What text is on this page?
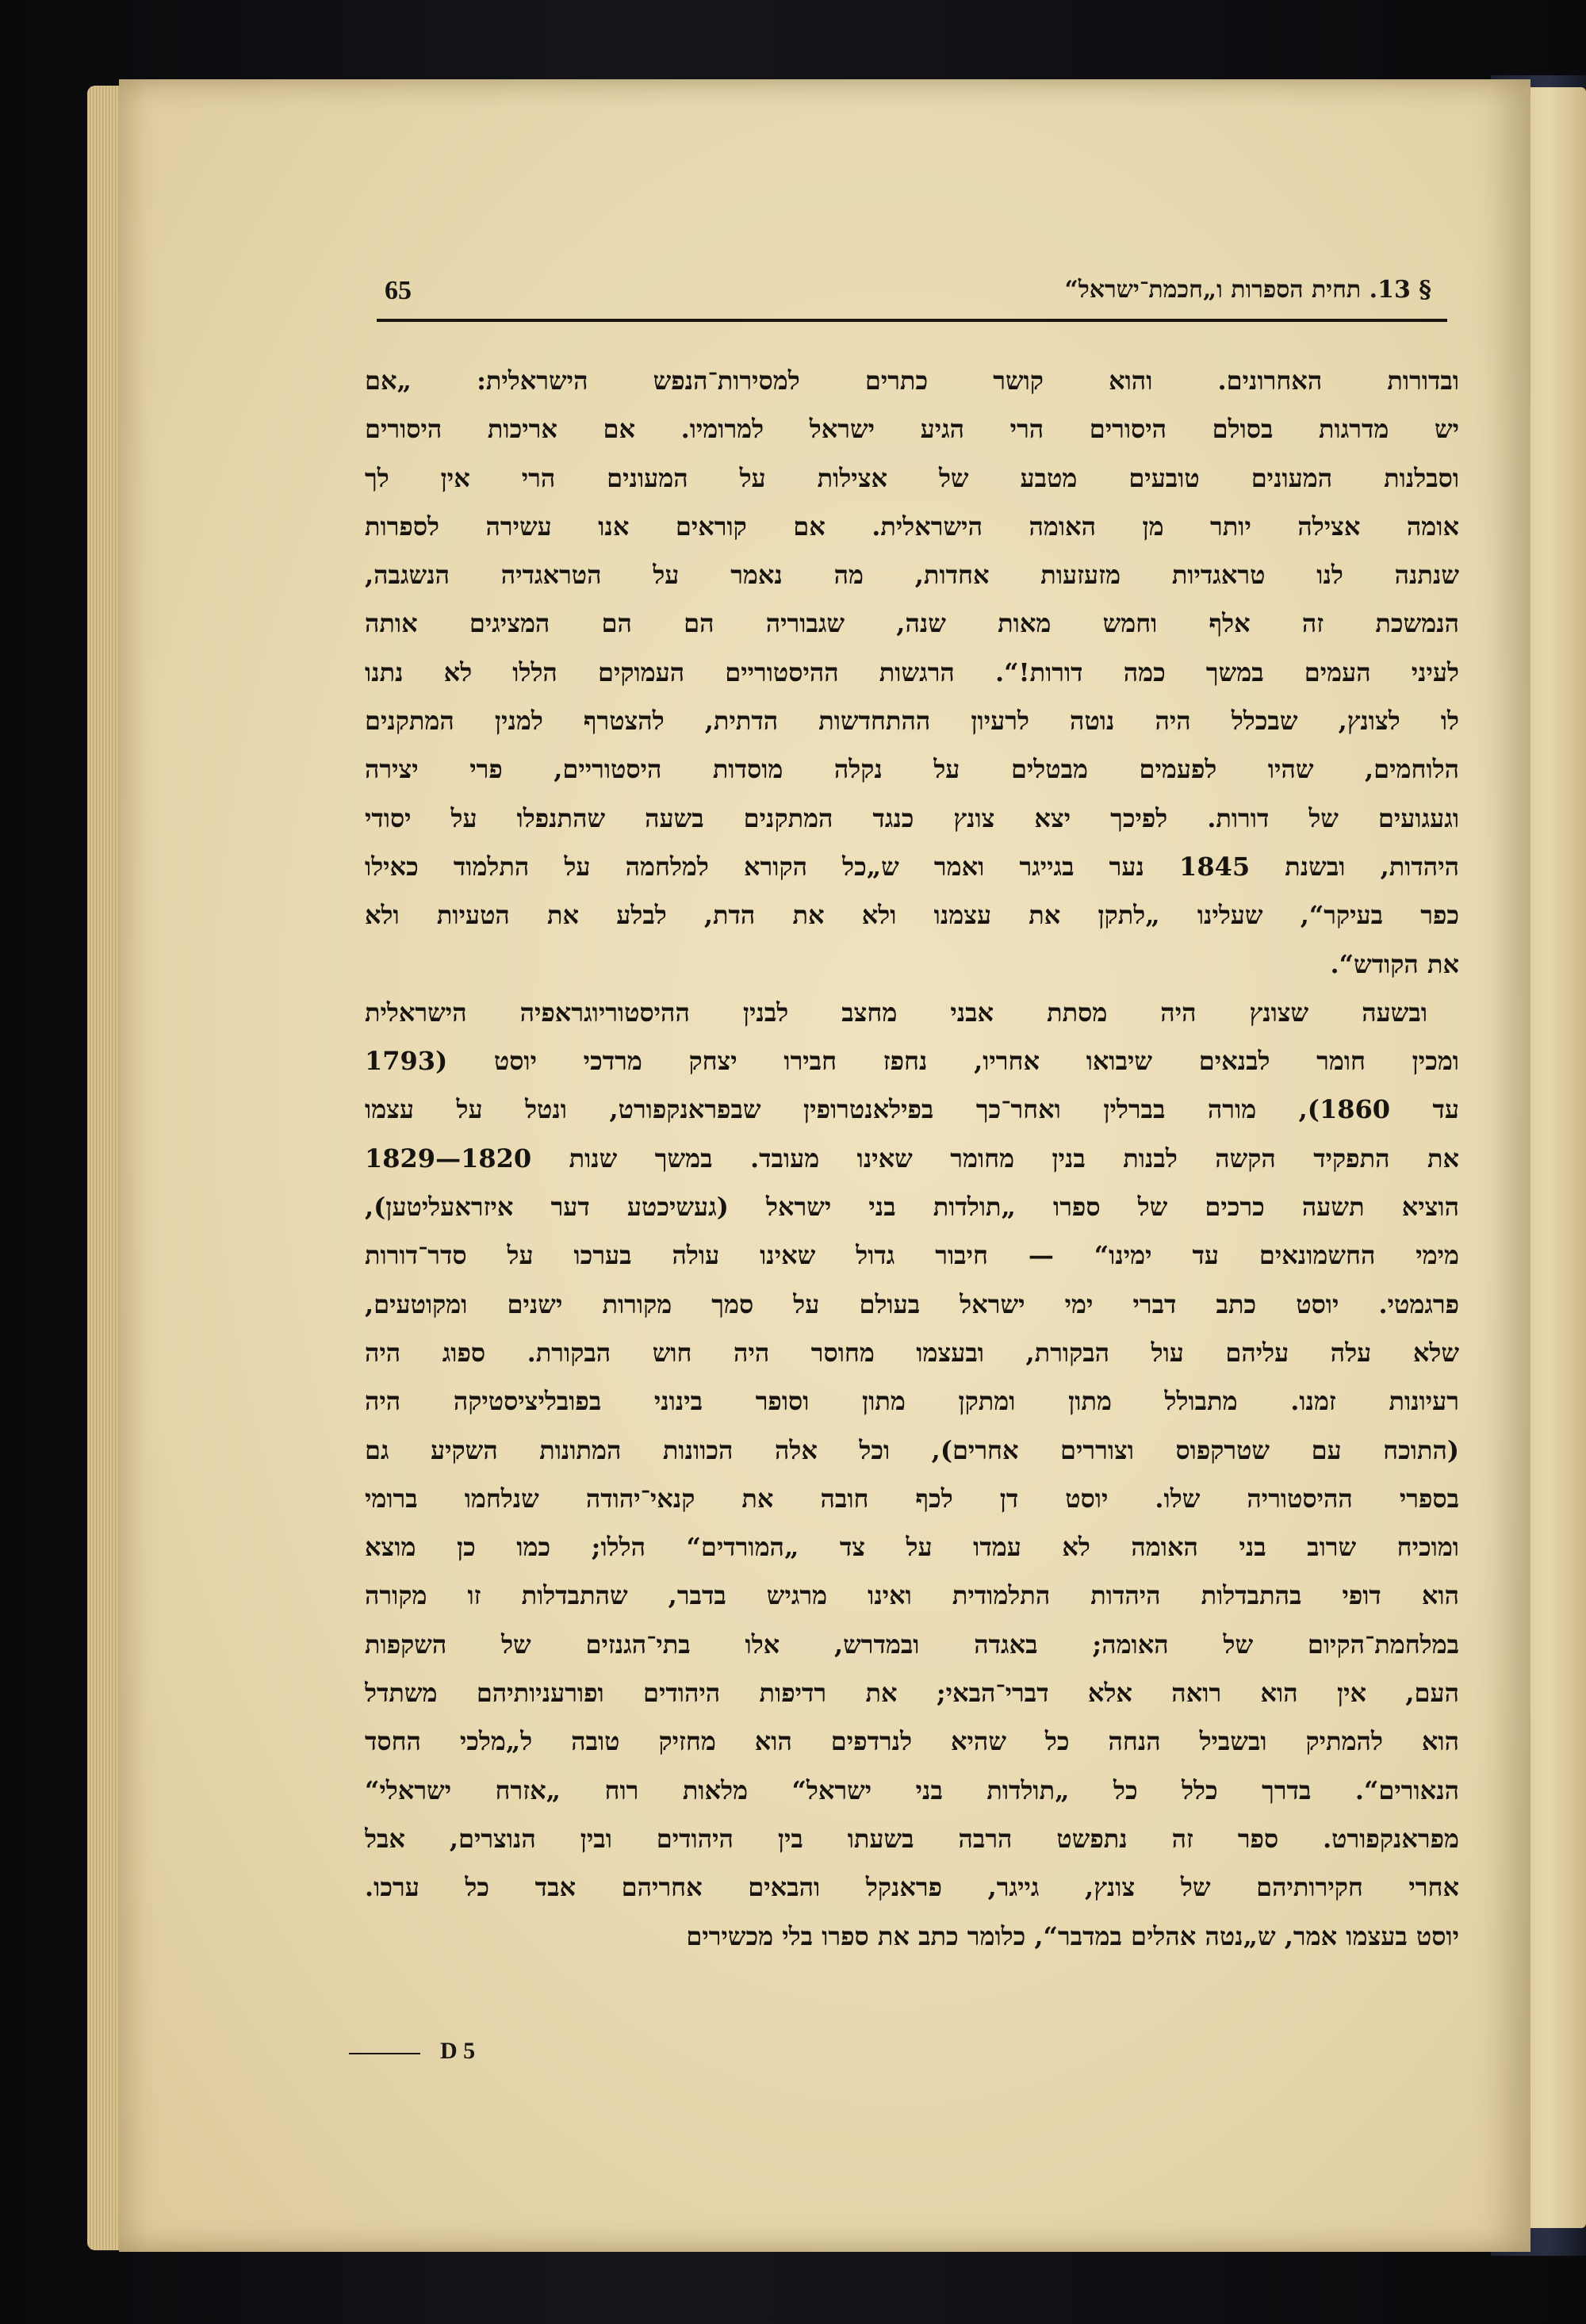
65	§ 13. תחית הספרות ו„חכמת־ישראל“
ובדורות האחרונים. והוא קושר כתרים למסירות־הנפש הישראלית: „אם
יש מדרגות בסולם היסורים הרי הגיע ישראל למרומיו. אם אריכות היסורים
וסבלנות המעונים טובעים מטבע של אצילות על המעונים הרי אין לך
אומה אצילה יותר מן האומה הישראלית. אם קוראים אנו עשירה לספרות
שנתנה לנו טראגדיות מזעזעות אחדות, מה נאמר על הטראגדיה הנשגבה,
הנמשכת זה אלף וחמש מאות שנה, שגבוריה הם הם המציגים אותה
לעיני העמים במשך כמה דורות!“. הרגשות ההיסטוריים העמוקים הללו לא נתנו
לו לצונץ, שבכלל היה נוטה לרעיון ההתחדשות הדתית, להצטרף למנין המתקנים
הלוחמים, שהיו לפעמים מבטלים על נקלה מוסדות היסטוריים, פרי יצירה
וגעגועים של דורות. לפיכך יצא צונץ כנגד המתקנים בשעה שהתנפלו על יסודי
היהדות, ובשנת 1845 נער בגייגר ואמר ש„כל הקורא למלחמה על התלמוד כאילו
כפר בעיקר“, שעלינו „לתקן את עצמנו ולא את הדת, לבלע את הטעיות ולא
את הקודש“.
ובשעה שצונץ היה מסתת אבני מחצב לבנין ההיסטוריוגראפיה הישראלית
ומכין חומר לבנאים שיבואו אחריו, נחפז חבירו יצחק מרדכי יוסט (1793
עד 1860), מורה בברלין ואחר־כך בפילאנטרופין שבפראנקפורט, ונטל על עצמו
את התפקיד הקשה לבנות בנין מחומר שאינו מעובד. במשך שנות 1820—1829
הוציא תשעה כרכים של ספרו „תולדות בני ישראל (געשיכטע דער איזראעליטען),
מימי החשמונאים עד ימינו“ — חיבור גדול שאינו עולה בערכו על סדר־דורות
פרגמטי. יוסט כתב דברי ימי ישראל בעולם על סמך מקורות ישנים ומקוטעים,
שלא עלה עליהם עול הבקורת, ובעצמו מחוסר היה חוש הבקורת. ספוג היה
רעיונות זמנו. מתבולל מתון ומתקן מתון וסופר בינוני בפובליציסטיקה היה
(התוכח עם שטרקפוס וצוררים אחרים), וכל אלה הכוונות המתונות השקיע גם
בספרי ההיסטוריה שלו. יוסט דן לכף חובה את קנאי־יהודה שנלחמו ברומי
ומוכיח שרוב בני האומה לא עמדו על צד „המורדים“ הללו; כמו כן מוצא
הוא דופי בהתבדלות היהדות התלמודית ואינו מרגיש בדבר, שהתבדלות זו מקורה
במלחמת־הקיום של האומה; באגדה ובמדרש, אלו בתי־הגנזים של השקפות
העם, אין הוא רואה אלא דברי־הבאי; את רדיפות היהודים ופורעניותיהם משתדל
הוא להמתיק ובשביל הנחה כל שהיא לנרדפים הוא מחזיק טובה ל„מלכי החסד
הנאורים“. בדרך כלל כל „תולדות בני ישראל“ מלאות רוח „אזרח ישראלי“
מפראנקפורט. ספר זה נתפשט הרבה בשעתו בין היהודים ובין הנוצרים, אבל
אחרי חקירותיהם של צונץ, גייגר, פראנקל והבאים אחריהם אבד כל ערכו.
יוסט בעצמו אמר, ש„נטה אהלים במדבר“, כלומר כתב את ספרו בלי מכשירים
D 5
